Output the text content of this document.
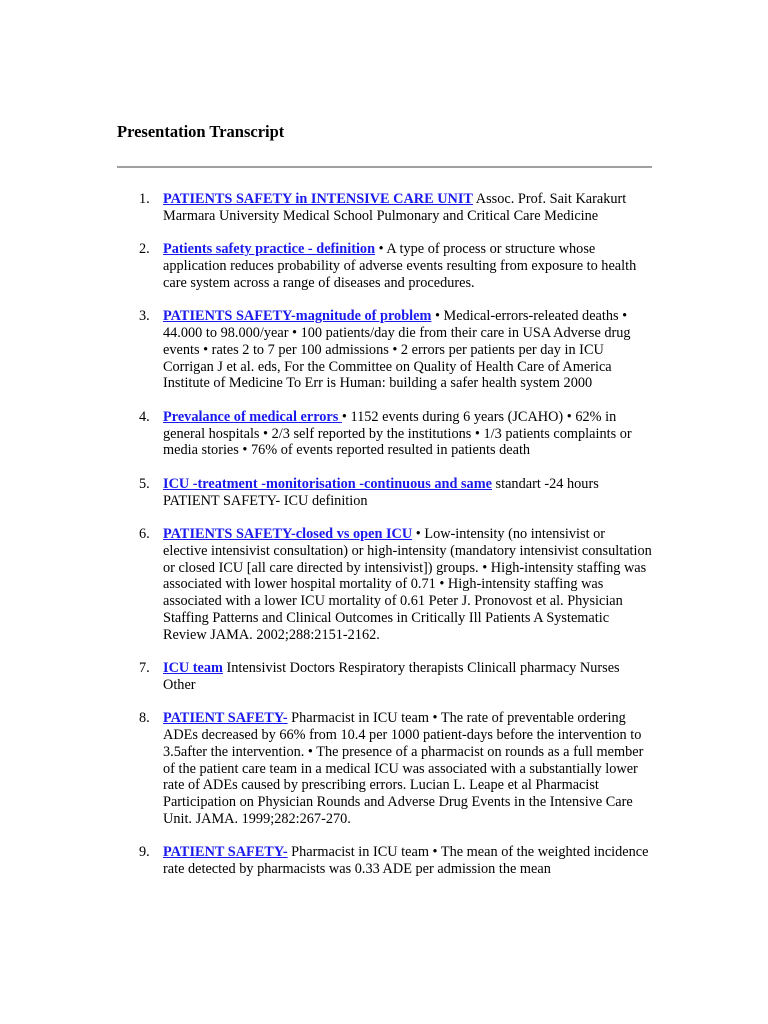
Presentation Transcript
1. PATIENTS SAFETY in INTENSIVE CARE UNIT Assoc. Prof. Sait Karakurt Marmara University Medical School Pulmonary and Critical Care Medicine
2. Patients safety practice - definition • A type of process or structure whose application reduces probability of adverse events resulting from exposure to health care system across a range of diseases and procedures.
3. PATIENTS SAFETY-magnitude of problem • Medical-errors-releated deaths • 44.000 to 98.000/year • 100 patients/day die from their care in USA Adverse drug events • rates 2 to 7 per 100 admissions • 2 errors per patients per day in ICU Corrigan J et al. eds, For the Committee on Quality of Health Care of America Institute of Medicine To Err is Human: building a safer health system 2000
4. Prevalance of medical errors • 1152 events during 6 years (JCAHO) • 62% in general hospitals • 2/3 self reported by the institutions • 1/3 patients complaints or media stories • 76% of events reported resulted in patients death
5. ICU -treatment -monitorisation -continuous and same standart -24 hours PATIENT SAFETY- ICU definition
6. PATIENTS SAFETY-closed vs open ICU • Low-intensity (no intensivist or elective intensivist consultation) or high-intensity (mandatory intensivist consultation or closed ICU [all care directed by intensivist]) groups. • High-intensity staffing was associated with lower hospital mortality of 0.71 • High-intensity staffing was associated with a lower ICU mortality of 0.61 Peter J. Pronovost et al. Physician Staffing Patterns and Clinical Outcomes in Critically Ill Patients A Systematic Review JAMA. 2002;288:2151-2162.
7. ICU team Intensivist Doctors Respiratory therapists Clinicall pharmacy Nurses Other
8. PATIENT SAFETY- Pharmacist in ICU team • The rate of preventable ordering ADEs decreased by 66% from 10.4 per 1000 patient-days before the intervention to 3.5after the intervention. • The presence of a pharmacist on rounds as a full member of the patient care team in a medical ICU was associated with a substantially lower rate of ADEs caused by prescribing errors. Lucian L. Leape et al Pharmacist Participation on Physician Rounds and Adverse Drug Events in the Intensive Care Unit. JAMA. 1999;282:267-270.
9. PATIENT SAFETY- Pharmacist in ICU team • The mean of the weighted incidence rate detected by pharmacists was 0.33 ADE per admission the mean
